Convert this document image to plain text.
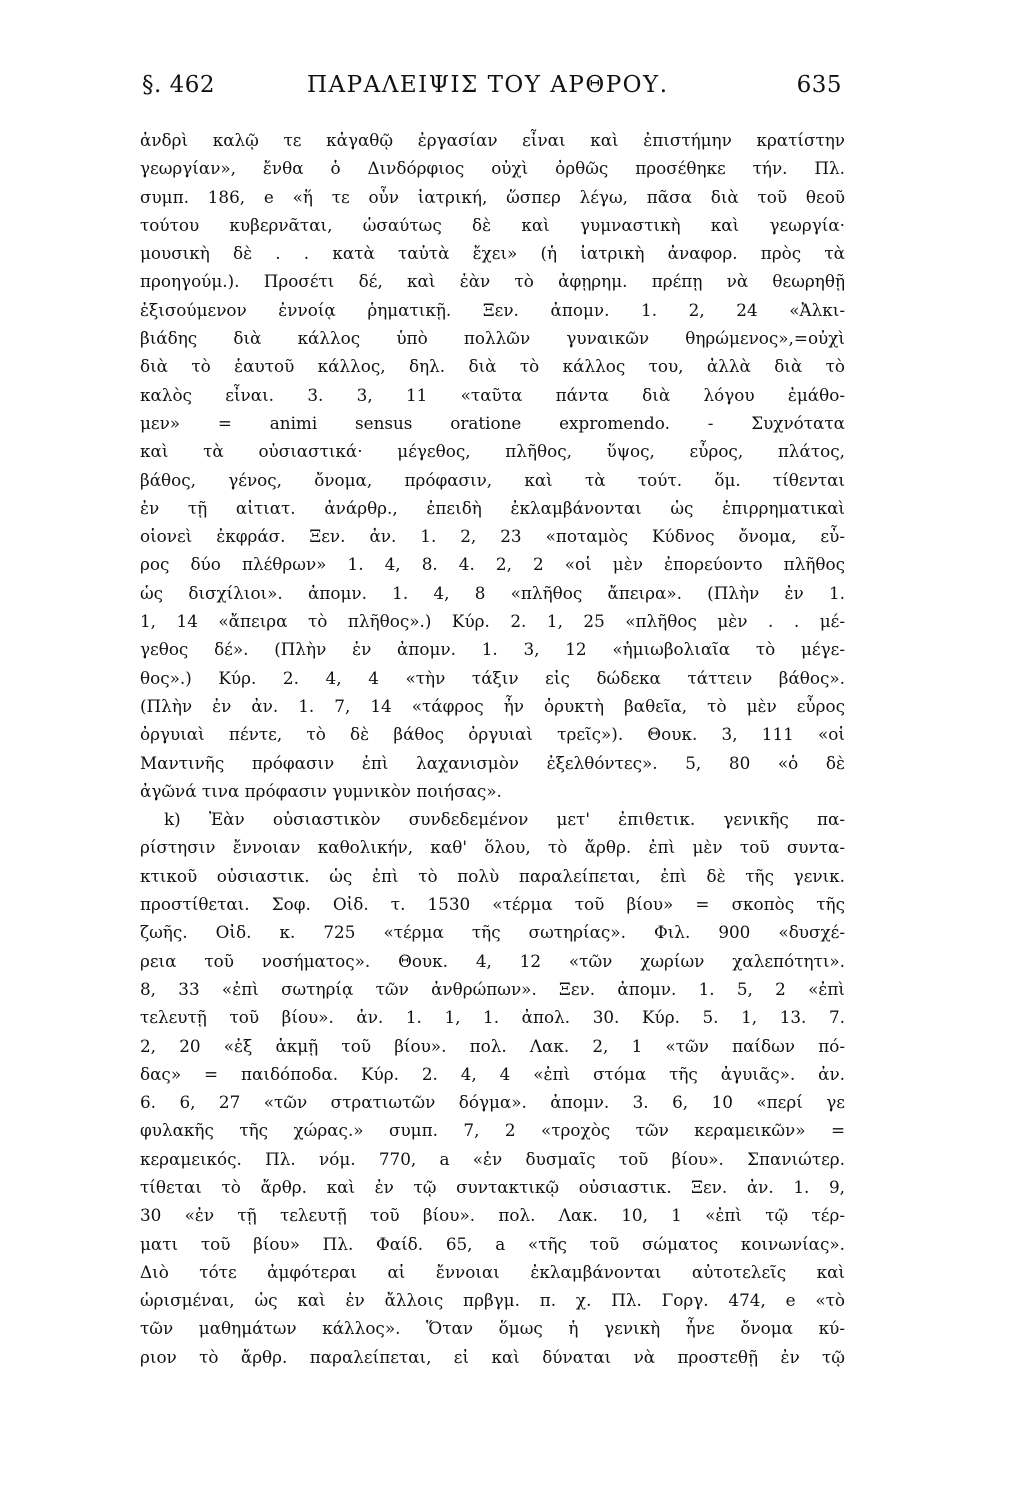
§. 462	ΠΑΡΑΛΕΙΨΙΣ ΤΟΥ ΑΡΘΡΟΥ.	635
ἀνδρὶ καλῷ τε κἀγαθῷ ἐργασίαν εἶναι καὶ ἐπιστήμην κρατίστην
γεωργίαν», ἔνθα ὁ Δινδόρφιος οὐχὶ ὀρθῶς προσέθηκε τήν. Πλ.
συμπ. 186, e «ἥ τε οὖν ἰατρική, ὥσπερ λέγω, πᾶσα διὰ τοῦ θεοῦ
τούτου κυβερνᾶται, ὡσαύτως δὲ καὶ γυμναστικὴ καὶ γεωργία·
μουσικὴ δὲ . . κατὰ ταὐτὰ ἔχει» (ἡ ἰατρικὴ ἀναφορ. πρὸς τὰ
προηγούμ.). Προσέτι δέ, καὶ ἐὰν τὸ ἀφῃρημ. πρέπῃ νὰ θεωρηθῇ
ἐξισούμενον ἐννοίᾳ ῥηματικῇ. Ξεν. ἀπομν. 1. 2, 24 «Ἀλκι-
βιάδης διὰ κάλλος ὑπὸ πολλῶν γυναικῶν θηρώμενος»,=οὐχὶ
διὰ τὸ ἑαυτοῦ κάλλος, δηλ. διὰ τὸ κάλλος του, ἀλλὰ διὰ τὸ
καλὸς εἶναι. 3. 3, 11 «ταῦτα πάντα διὰ λόγου ἐμάθο-
μεν» = animi sensus oratione expromendo. - Συχνότατα
καὶ τὰ οὐσιαστικά· μέγεθος, πλῆθος, ὕψος, εὖρος, πλάτος,
βάθος, γένος, ὄνομα, πρόφασιν, καὶ τὰ τούτ. ὅμ. τίθενται
ἐν τῇ αἰτιατ. ἀνάρθρ., ἐπειδὴ ἐκλαμβάνονται ὡς ἐπιρρηματικαὶ
οἱονεὶ ἐκφράσ. Ξεν. ἀν. 1. 2, 23 «ποταμὸς Κύδνος ὄνομα, εὖ-
ρος δύο πλέθρων» 1. 4, 8. 4. 2, 2 «οἱ μὲν ἐπορεύοντο πλῆθος
ὡς δισχίλιοι». ἀπομν. 1. 4, 8 «πλῆθος ἄπειρα». (Πλὴν ἐν 1.
1, 14 «ἄπειρα τὸ πλῆθος».) Κύρ. 2. 1, 25 «πλῆθος μὲν . . μέ-
γεθος δέ». (Πλὴν ἐν ἀπομν. 1. 3, 12 «ἡμιωβολιαῖα τὸ μέγε-
θος».) Κύρ. 2. 4, 4 «τὴν τάξιν εἰς δώδεκα τάττειν βάθος».
(Πλὴν ἐν ἀν. 1. 7, 14 «τάφρος ἦν ὀρυκτὴ βαθεῖα, τὸ μὲν εὖρος
ὀργυιαὶ πέντε, τὸ δὲ βάθος ὀργυιαὶ τρεῖς»). Θουκ. 3, 111 «οἱ
Μαντινῆς πρόφασιν ἐπὶ λαχανισμὸν ἐξελθόντες». 5, 80 «ὁ δὲ
ἀγῶνά τινα πρόφασιν γυμνικὸν ποιήσας».
k) Ἐὰν οὐσιαστικὸν συνδεδεμένον μετ' ἐπιθετικ. γενικῆς πα-
ρίστησιν ἔννοιαν καθολικήν, καθ' ὅλου, τὸ ἄρθρ. ἐπὶ μὲν τοῦ συντα-
κτικοῦ οὐσιαστικ. ὡς ἐπὶ τὸ πολὺ παραλείπεται, ἐπὶ δὲ τῆς γενικ.
προστίθεται. Σοφ. Οἰδ. τ. 1530 «τέρμα τοῦ βίου» = σκοπὸς τῆς
ζωῆς. Οἰδ. κ. 725 «τέρμα τῆς σωτηρίας». Φιλ. 900 «δυσχέ-
ρεια τοῦ νοσήματος». Θουκ. 4, 12 «τῶν χωρίων χαλεπότητι».
8, 33 «ἐπὶ σωτηρίᾳ τῶν ἀνθρώπων». Ξεν. ἀπομν. 1. 5, 2 «ἐπὶ
τελευτῇ τοῦ βίου». ἀν. 1. 1, 1. ἀπολ. 30. Κύρ. 5. 1, 13. 7.
2, 20 «ἐξ ἀκμῇ τοῦ βίου». πολ. Λακ. 2, 1 «τῶν παίδων πό-
δας» = παιδόποδα. Κύρ. 2. 4, 4 «ἐπὶ στόμα τῆς ἀγυιᾶς». ἀν.
6. 6, 27 «τῶν στρατιωτῶν δόγμα». ἀπομν. 3. 6, 10 «περί γε
φυλακῆς τῆς χώρας.» συμπ. 7, 2 «τροχὸς τῶν κεραμεικῶν» =
κεραμεικός. Πλ. νόμ. 770, a «ἐν δυσμαῖς τοῦ βίου». Σπανιώτερ.
τίθεται τὸ ἄρθρ. καὶ ἐν τῷ συντακτικῷ οὐσιαστικ. Ξεν. ἀν. 1. 9,
30 «ἐν τῇ τελευτῇ τοῦ βίου». πολ. Λακ. 10, 1 «ἐπὶ τῷ τέρ-
ματι τοῦ βίου» Πλ. Φαίδ. 65, a «τῆς τοῦ σώματος κοινωνίας».
Διὸ τότε ἀμφότεραι αἱ ἔννοιαι ἐκλαμβάνονται αὐτοτελεῖς καὶ
ὡρισμέναι, ὡς καὶ ἐν ἄλλοις πρβγμ. π. χ. Πλ. Γοργ. 474, e «τὸ
τῶν μαθημάτων κάλλος». Ὅταν ὅμως ἡ γενικὴ ἦνε ὄνομα κύ-
ριον τὸ ἄρθρ. παραλείπεται, εἰ καὶ δύναται νὰ προστεθῇ ἐν τῷ
